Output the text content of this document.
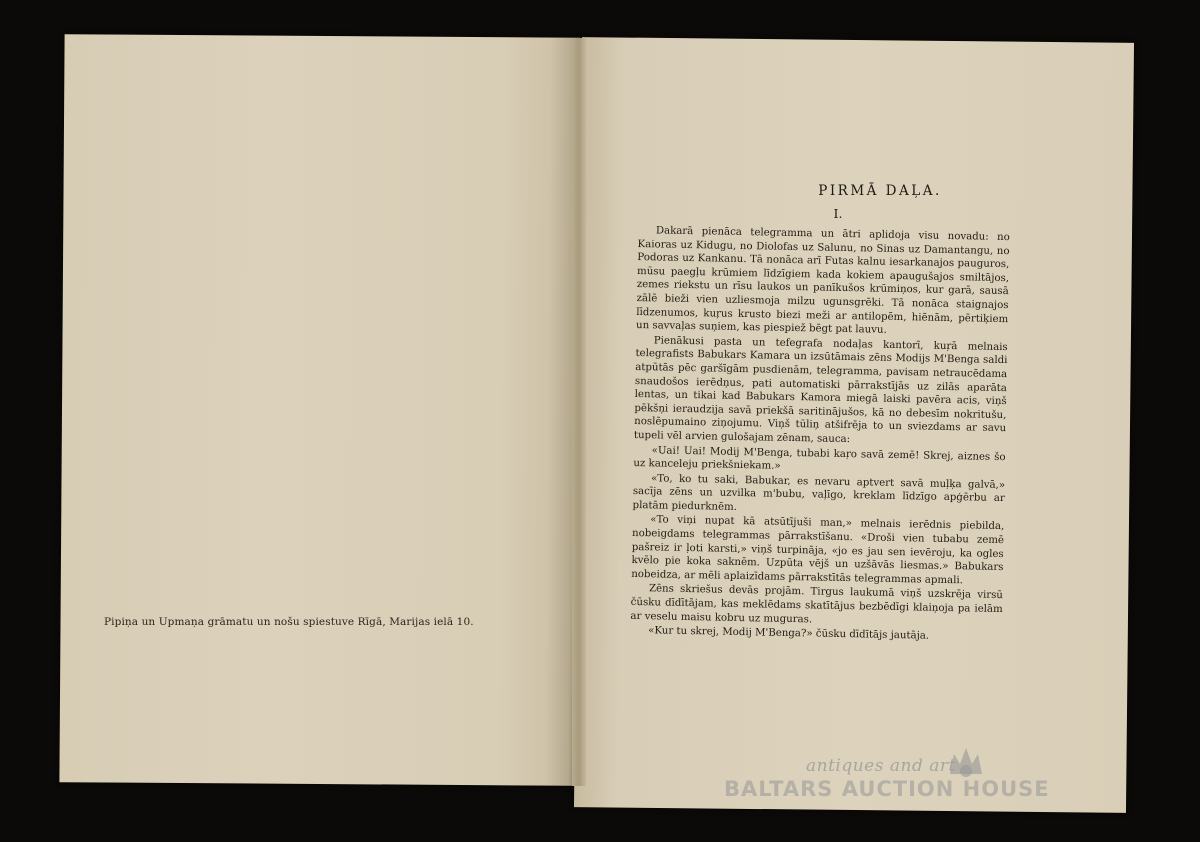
Pipiņa un Upmaņa grāmatu un nošu spiestuve Rīgā, Marijas ielā 10.
PIRMĀ DAĻA.
I.

Dakarā pienāca telegramma un ātri aplidoja visu novadu: no Kaioras uz Kidugu, no Diolofas uz Salunu, no Sinas uz Damantangu, no Podoras uz Kankanu. Tā nonāca arī Futas kalnu iesarkanajos pauguros, mūsu paegļu krūmiem līdzīgiem kada kokiem apaugušajos smiltājos, zemes riekstu un rīsu laukos un panīkušos krūmiņos, kur garā, sausā zālē bieži vien uzliesmoja milzu ugunsgrēki. Tā nonāca staignajos līdzenumos, kuŗus krusto biezi meži ar antilopēm, hiēnām, pērtiķiem un savvaļas suņiem, kas piespiež bēgt pat lauvu.

Pienākusi pasta un tefegrafa nodaļas kantorī, kuŗā melnais telegrafists Babukars Kamara un izsūtāmais zēns Modijs M'Benga saldi atpūtās pēc garšīgām pusdienām, telegramma, pavisam netraucēdama snaudošos ierēdņus, pati automatiski pārrakstījās uz zilās aparāta lentas, un tikai kad Babukars Kamora miegā laiski pavēra acis, viņš pēkšņi ieraudzija savā priekšā saritinājušos, kā no debesīm nokritušu, noslēpumaino ziņojumu. Viņš tūliņ atšifrēja to un sviezdams ar savu tupeli vēl arvien gulošajam zēnam, sauca:

«Uai! Uai! Modij M'Benga, tubabi kaŗo savā zemē! Skrej, aiznes šo uz kanceleju priekšniekam.»

«To, ko tu saki, Babukar, es nevaru aptvert savā muļķa galvā,» sacīja zēns un uzvilka m'bubu, vaļīgo, kreklam līdzīgo apģērbu ar platām piedurknēm.

«To viņi nupat kā atsūtījuši man,» melnais ierēdnis piebilda, nobeigdams telegrammas pārrakstīšanu. «Droši vien tubabu zemē pašreiz ir ļoti karsti,» viņš turpināja, «jo es jau sen ievēroju, ka ogles kvēlo pie koka saknēm. Uzpūta vējš un uzšāvās liesmas.» Babukars nobeidza, ar mēli aplaizīdams pārrakstītās telegrammas apmali.

Zēns skriešus devās projām. Tirgus laukumā viņš uzskrēja virsū čūsku dīdītājam, kas meklēdams skatītājus bezbēdīgi klaiņoja pa ielām ar veselu maisu kobru uz muguras.

«Kur tu skrej, Modij M'Benga?» čūsku dīdītājs jautāja.

antiques and art
BALTARS AUCTION HOUSE
